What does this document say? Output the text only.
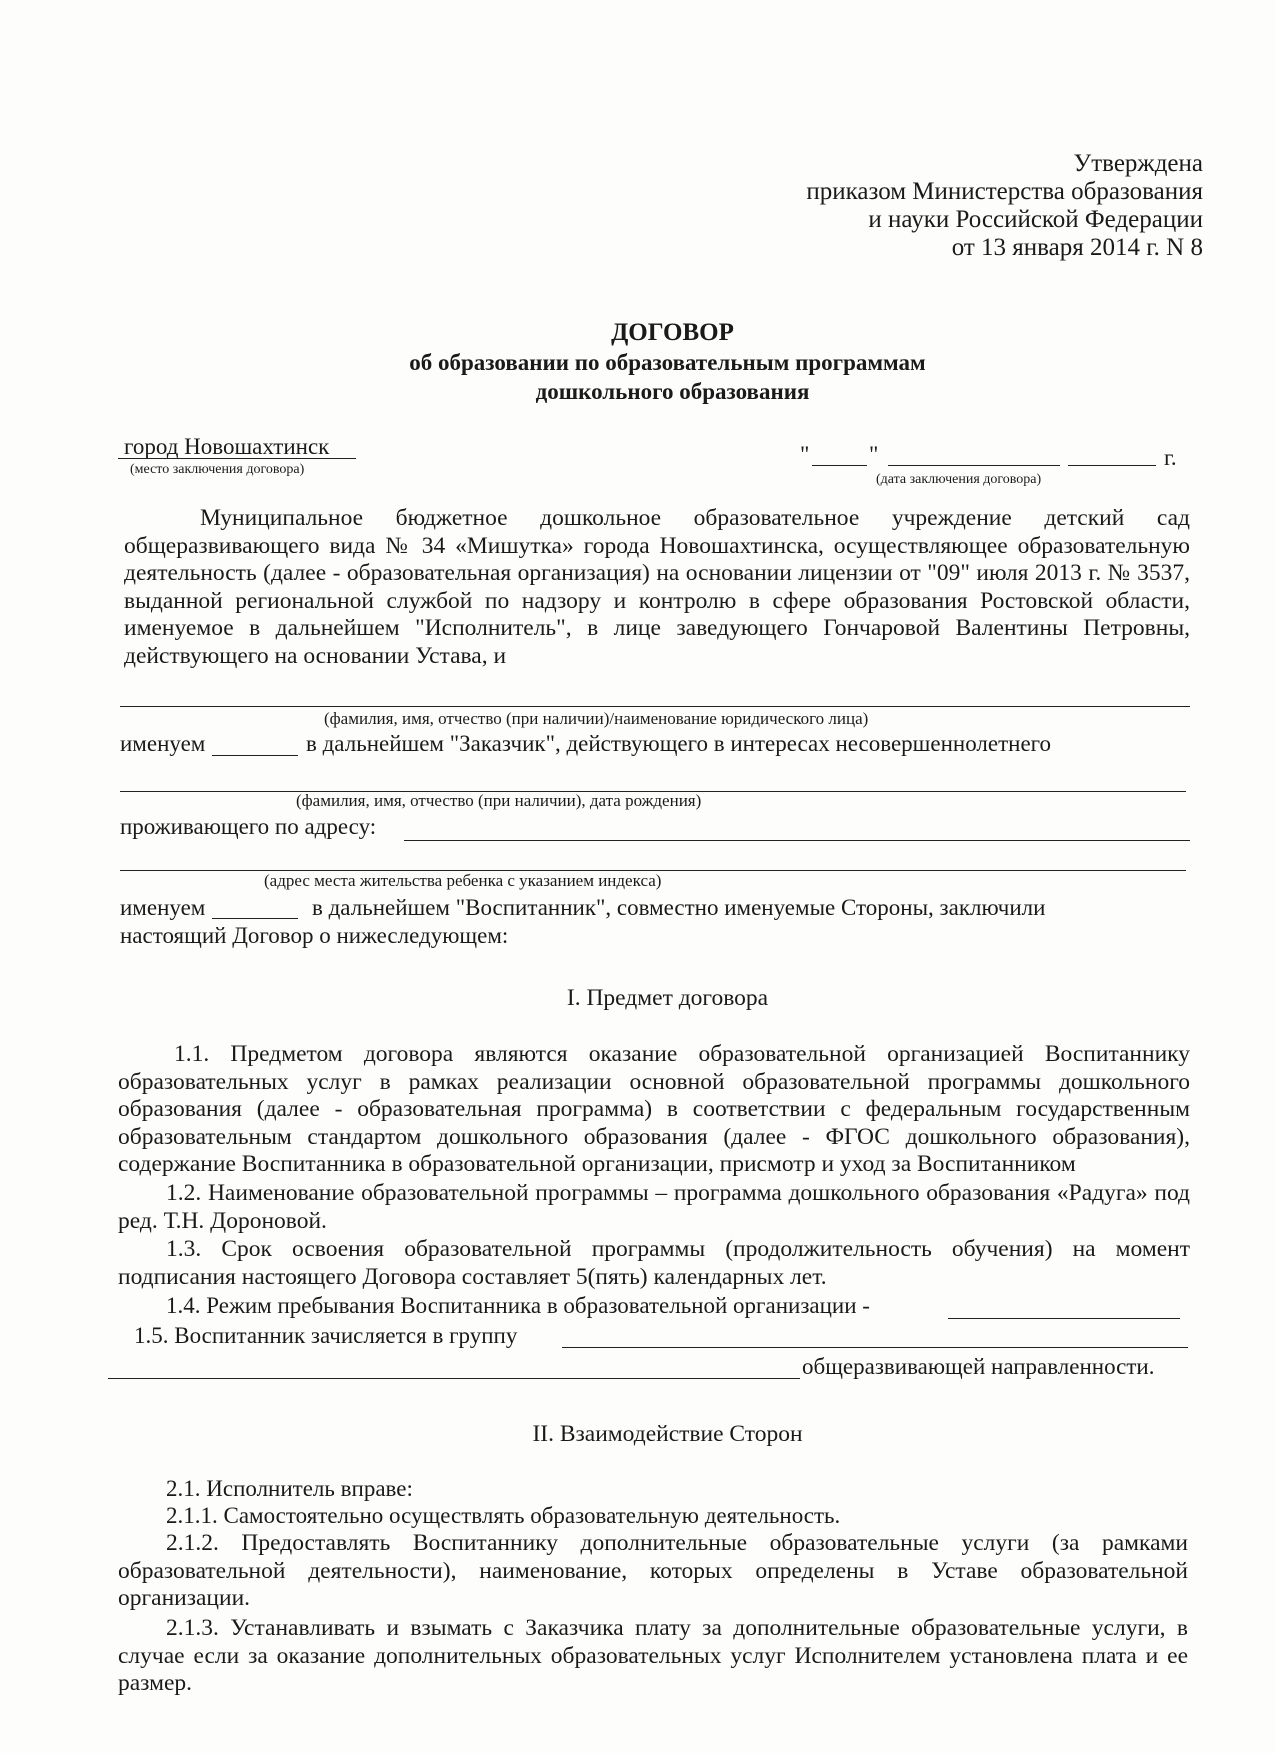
Утверждена
приказом Министерства образования
и науки Российской Федерации
от 13 января 2014 г. N 8
ДОГОВОР
об образовании по образовательным программам
дошкольного образования
город Новошахтинск
(место заключения договора)
"	"	г.
(дата заключения договора)
Муниципальное бюджетное дошкольное образовательное учреждение детский сад общеразвивающего вида № 34 «Мишутка» города Новошахтинска, осуществляющее образовательную деятельность (далее - образовательная организация) на основании лицензии от "09" июля 2013 г. № 3537, выданной региональной службой по надзору и контролю в сфере образования Ростовской области, именуемое в дальнейшем "Исполнитель", в лице заведующего Гончаровой Валентины Петровны, действующего на основании Устава, и
(фамилия, имя, отчество (при наличии)/наименование юридического лица)
именуем	в дальнейшем "Заказчик", действующего в интересах несовершеннолетнего
(фамилия, имя, отчество (при наличии), дата рождения)
проживающего по адресу:
(адрес места жительства ребенка с указанием индекса)
именуем	в дальнейшем "Воспитанник", совместно именуемые Стороны, заключили
настоящий Договор о нижеследующем:
I. Предмет договора
1.1. Предметом договора являются оказание образовательной организацией Воспитаннику образовательных услуг в рамках реализации основной образовательной программы дошкольного образования (далее - образовательная программа) в соответствии с федеральным государственным образовательным стандартом дошкольного образования (далее - ФГОС дошкольного образования), содержание Воспитанника в образовательной организации, присмотр и уход за Воспитанником
1.2. Наименование образовательной программы – программа дошкольного образования «Радуга» под ред. Т.Н. Дороновой.
1.3. Срок освоения образовательной программы (продолжительность обучения) на момент подписания настоящего Договора составляет 5(пять) календарных лет.
1.4. Режим пребывания Воспитанника в образовательной организации -
1.5. Воспитанник зачисляется в группу
общеразвивающей направленности.
II. Взаимодействие Сторон
2.1. Исполнитель вправе:
2.1.1. Самостоятельно осуществлять образовательную деятельность.
2.1.2. Предоставлять Воспитаннику дополнительные образовательные услуги (за рамками образовательной деятельности), наименование, которых определены в Уставе образовательной организации.
2.1.3. Устанавливать и взымать с Заказчика плату за дополнительные образовательные услуги, в случае если за оказание дополнительных образовательных услуг Исполнителем установлена плата и ее размер.
